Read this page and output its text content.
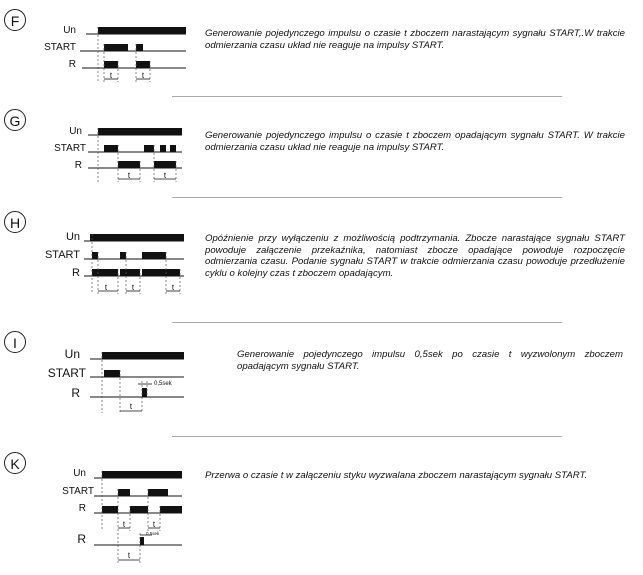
F
Un
START
R
t	t
Generowanie pojedynczego impulsu o czasie t zboczem narastającym sygnału START,.W trakcie odmierzania czasu układ nie reaguje na impulsy START.
G
Un
START
R
t	t
Generowanie pojedynczego impulsu o czasie t zboczem opadającym sygnału START. W trakcie odmierzania czasu układ nie reaguje na impulsy START.
H
Un
START
R
t	t	t
Opóźnienie przy wyłączeniu z możliwością podtrzymania. Zbocze narastające sygnału START powoduje załączenie przekaźnika, natomiast zbocze opadające powoduje rozpoczęcie odmierzania czasu. Podanie sygnału START w trakcie odmierzania czasu powoduje przedłużenie cyklu o kolejny czas t zboczem opadającym.
I
Un
START
R
t
0,5sek
Generowanie pojedynczego impulsu 0,5sek po czasie t wyzwolonym zboczem opadającym sygnału START.
K
Un
START
R
R
t	t
t
0,5sek
Przerwa o czasie t w załączeniu styku wyzwalana zboczem narastającym sygnału START.
